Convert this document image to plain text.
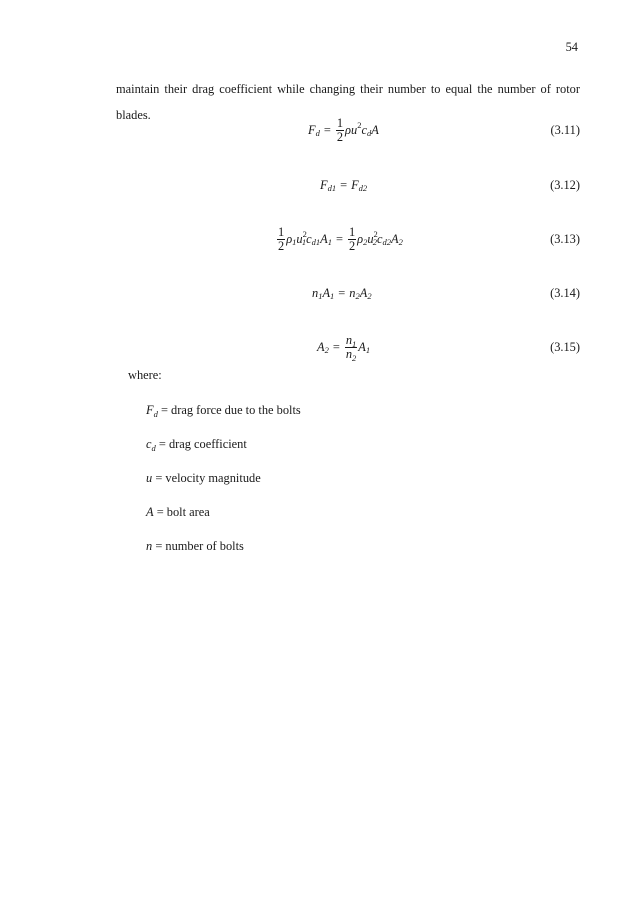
54
maintain their drag coefficient while changing their number to equal the number of rotor blades.
$F_d = \frac{1}{2} \rho u^2$ $c_d$ A	(3.11)
$F_{d1} = F_{d2}$	(3.12)
$\frac{1}{2} \rho_1$ $u^2$
$_1$ $c_{d1}$ $A_1 = \frac{1}{2} \rho_2$ $u^2$
$_2$ $c_{d2}$ $A_2$	(3.13)
$n_1$ $A_1 = n_2$ $A_2$	(3.14)
$A_2 = \frac{n_1}{n_2} A_1$	(3.15)
where:
$F_d$ = drag force due to the bolts
$c_d$ = drag coefficient
u = velocity magnitude
A = bolt area
n = number of bolts
